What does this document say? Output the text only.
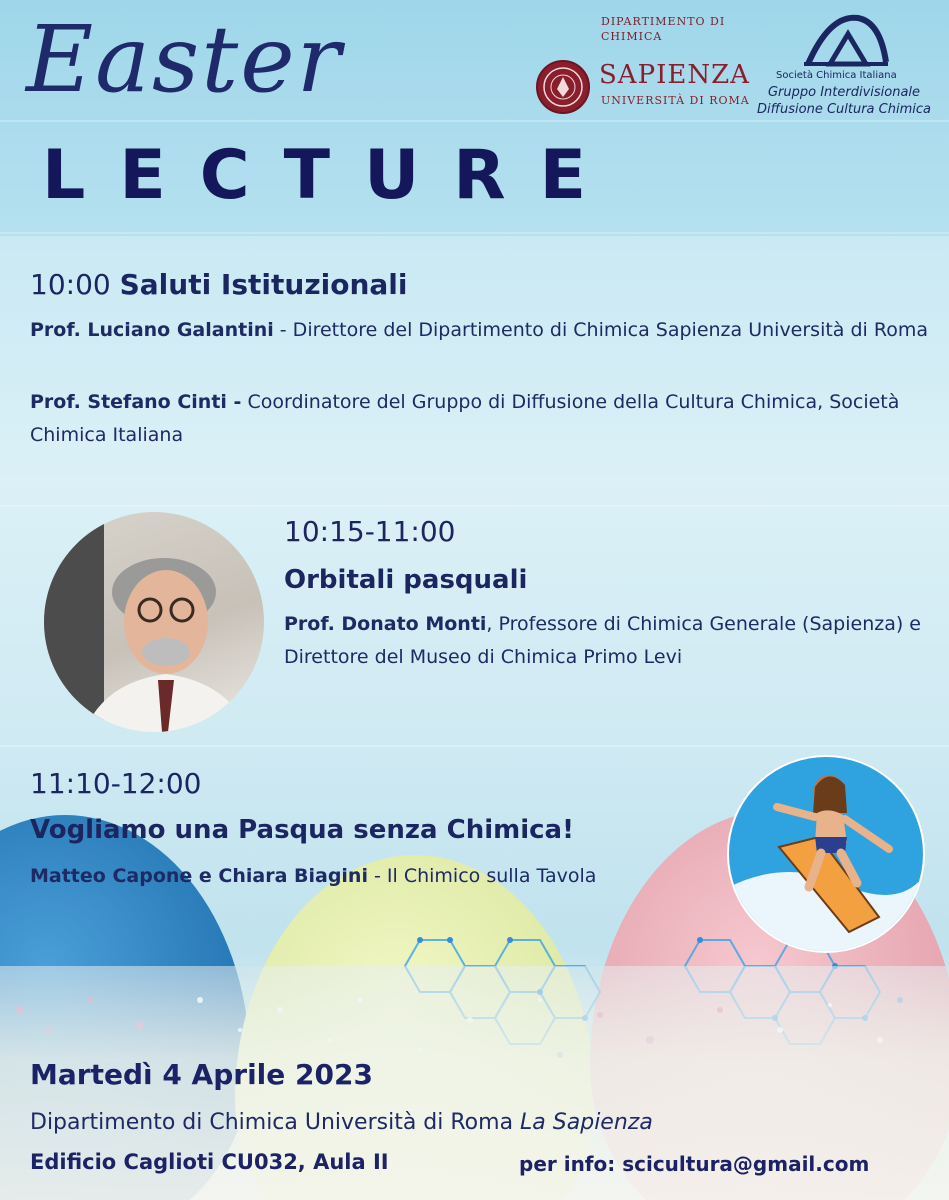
Easter
LECTURE
DIPARTIMENTO DI CHIMICA
SAPIENZA
UNIVERSITÀ DI ROMA
Società Chimica Italiana
Gruppo Interdivisionale Diffusione Cultura Chimica
10:00 Saluti Istituzionali
Prof. Luciano Galantini - Direttore del Dipartimento di Chimica Sapienza Università di Roma
Prof. Stefano Cinti - Coordinatore del Gruppo di Diffusione della Cultura Chimica, Società Chimica Italiana
10:15-11:00
Orbitali pasquali
Prof. Donato Monti, Professore di Chimica Generale (Sapienza) e Direttore del Museo di Chimica Primo Levi
11:10-12:00
Vogliamo una Pasqua senza Chimica!
Matteo Capone e Chiara Biagini - Il Chimico sulla Tavola
Martedì 4 Aprile 2023
Dipartimento di Chimica Università di Roma La Sapienza
Edificio Caglioti CU032, Aula II	per info: scicultura@gmail.com
